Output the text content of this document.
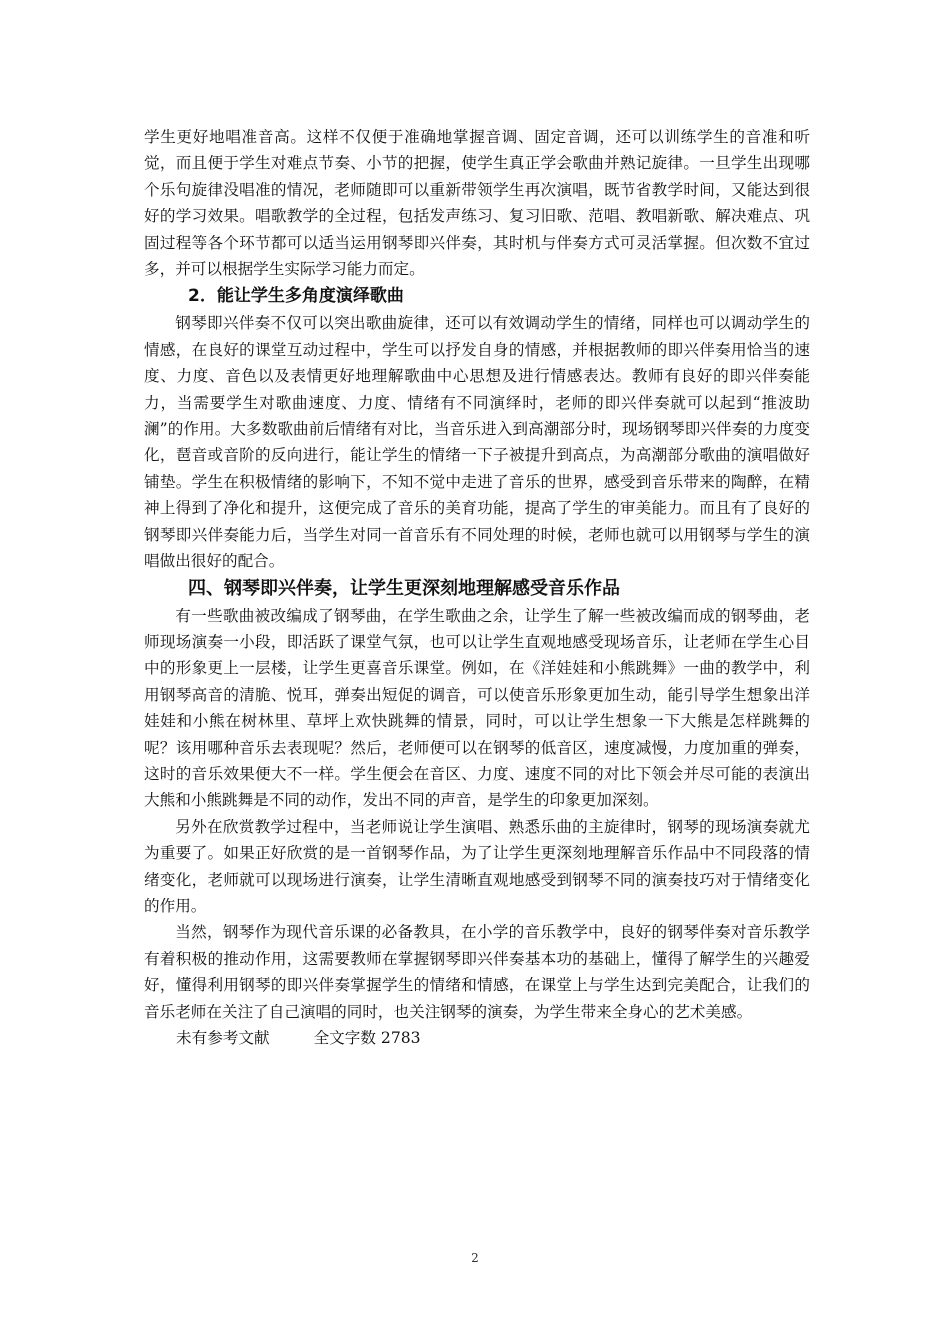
学生更好地唱准音高。这样不仅便于准确地掌握音调、固定音调，还可以训练学生的音准和听觉，而且便于学生对难点节奏、小节的把握，使学生真正学会歌曲并熟记旋律。一旦学生出现哪个乐句旋律没唱准的情况，老师随即可以重新带领学生再次演唱，既节省教学时间，又能达到很好的学习效果。唱歌教学的全过程，包括发声练习、复习旧歌、范唱、教唱新歌、解决难点、巩固过程等各个环节都可以适当运用钢琴即兴伴奏，其时机与伴奏方式可灵活掌握。但次数不宜过多，并可以根据学生实际学习能力而定。

2．能让学生多角度演绎歌曲

钢琴即兴伴奏不仅可以突出歌曲旋律，还可以有效调动学生的情绪，同样也可以调动学生的情感，在良好的课堂互动过程中，学生可以抒发自身的情感，并根据教师的即兴伴奏用恰当的速度、力度、音色以及表情更好地理解歌曲中心思想及进行情感表达。教师有良好的即兴伴奏能力，当需要学生对歌曲速度、力度、情绪有不同演绎时，老师的即兴伴奏就可以起到“推波助澜”的作用。大多数歌曲前后情绪有对比，当音乐进入到高潮部分时，现场钢琴即兴伴奏的力度变化，琶音或音阶的反向进行，能让学生的情绪一下子被提升到高点，为高潮部分歌曲的演唱做好铺垫。学生在积极情绪的影响下，不知不觉中走进了音乐的世界，感受到音乐带来的陶醉，在精神上得到了净化和提升，这便完成了音乐的美育功能，提高了学生的审美能力。而且有了良好的钢琴即兴伴奏能力后，当学生对同一首音乐有不同处理的时候，老师也就可以用钢琴与学生的演唱做出很好的配合。

四、钢琴即兴伴奏，让学生更深刻地理解感受音乐作品

有一些歌曲被改编成了钢琴曲，在学生歌曲之余，让学生了解一些被改编而成的钢琴曲，老师现场演奏一小段，即活跃了课堂气氛，也可以让学生直观地感受现场音乐，让老师在学生心目中的形象更上一层楼，让学生更喜音乐课堂。例如，在《洋娃娃和小熊跳舞》一曲的教学中，利用钢琴高音的清脆、悦耳，弹奏出短促的调音，可以使音乐形象更加生动，能引导学生想象出洋娃娃和小熊在树林里、草坪上欢快跳舞的情景，同时，可以让学生想象一下大熊是怎样跳舞的呢？该用哪种音乐去表现呢？然后，老师便可以在钢琴的低音区，速度减慢，力度加重的弹奏，这时的音乐效果便大不一样。学生便会在音区、力度、速度不同的对比下领会并尽可能的表演出大熊和小熊跳舞是不同的动作，发出不同的声音，是学生的印象更加深刻。

另外在欣赏教学过程中，当老师说让学生演唱、熟悉乐曲的主旋律时，钢琴的现场演奏就尤为重要了。如果正好欣赏的是一首钢琴作品，为了让学生更深刻地理解音乐作品中不同段落的情绪变化，老师就可以现场进行演奏，让学生清晰直观地感受到钢琴不同的演奏技巧对于情绪变化的作用。

当然，钢琴作为现代音乐课的必备教具，在小学的音乐教学中，良好的钢琴伴奏对音乐教学有着积极的推动作用，这需要教师在掌握钢琴即兴伴奏基本功的基础上，懂得了解学生的兴趣爱好，懂得利用钢琴的即兴伴奏掌握学生的情绪和情感，在课堂上与学生达到完美配合，让我们的音乐老师在关注了自己演唱的同时，也关注钢琴的演奏，为学生带来全身心的艺术美感。

未有参考文献	全文字数 2783
2
